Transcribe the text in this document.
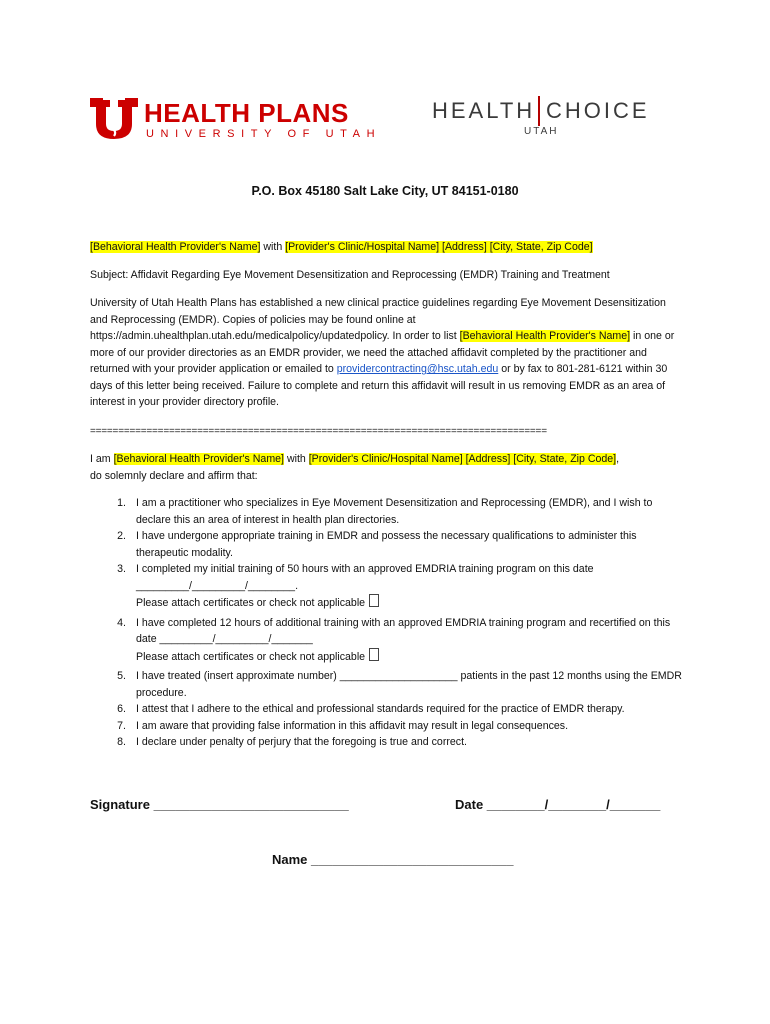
HEALTH PLANS
UNIVERSITY OF UTAH
HEALTH CHOICE
UTAH
P.O. Box 45180 Salt Lake City, UT 84151-0180
[Behavioral Health Provider's Name] with [Provider's Clinic/Hospital Name] [Address] [City, State, Zip Code]
Subject: Affidavit Regarding Eye Movement Desensitization and Reprocessing (EMDR) Training and Treatment
University of Utah Health Plans has established a new clinical practice guidelines regarding Eye Movement Desensitization and Reprocessing (EMDR). Copies of policies may be found online at https://admin.uhealthplan.utah.edu/medicalpolicy/updatedpolicy. In order to list [Behavioral Health Provider's Name] in one or more of our provider directories as an EMDR provider, we need the attached affidavit completed by the practitioner and returned with your provider application or emailed to providercontracting@hsc.utah.edu or by fax to 801-281-6121 within 30 days of this letter being received. Failure to complete and return this affidavit will result in us removing EMDR as an area of interest in your provider directory profile.
=================================================================================
I am [Behavioral Health Provider's Name] with [Provider's Clinic/Hospital Name] [Address] [City, State, Zip Code],
do solemnly declare and affirm that:
1. I am a practitioner who specializes in Eye Movement Desensitization and Reprocessing (EMDR), and I wish to declare this an area of interest in health plan directories.
2. I have undergone appropriate training in EMDR and possess the necessary qualifications to administer this therapeutic modality.
3. I completed my initial training of 50 hours with an approved EMDRIA training program on this date
_________/_________/________.
Please attach certificates or check not applicable
4. I have completed 12 hours of additional training with an approved EMDRIA training program and recertified on this date _________/_________/_______
Please attach certificates or check not applicable
5. I have treated (insert approximate number) ____________________ patients in the past 12 months using the EMDR procedure.
6. I attest that I adhere to the ethical and professional standards required for the practice of EMDR therapy.
7. I am aware that providing false information in this affidavit may result in legal consequences.
8. I declare under penalty of perjury that the foregoing is true and correct.
Signature ___________________________	Date ________/________/_______
Name ____________________________
